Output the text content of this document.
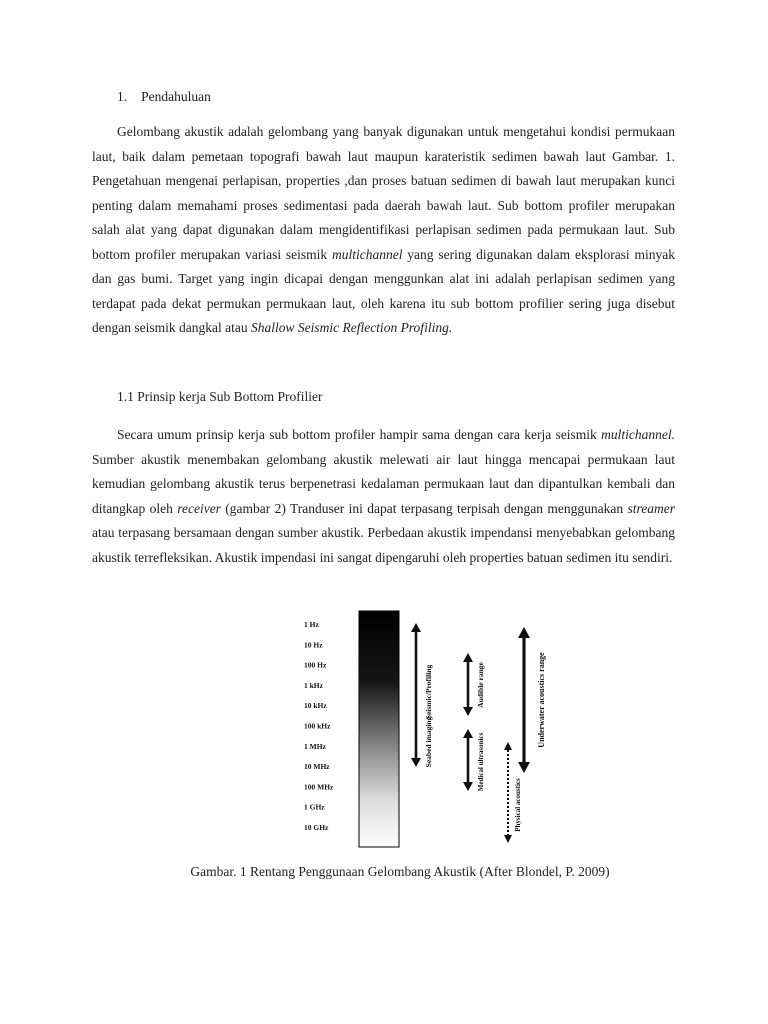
1. Pendahuluan

Gelombang akustik adalah gelombang yang banyak digunakan untuk mengetahui kondisi permukaan laut, baik dalam pemetaan topografi bawah laut maupun karateristik sedimen bawah laut Gambar. 1. Pengetahuan mengenai perlapisan, properties ,dan proses batuan sedimen di bawah laut merupakan kunci penting dalam memahami proses sedimentasi pada daerah bawah laut. Sub bottom profiler merupakan salah alat yang dapat digunakan dalam mengidentifikasi perlapisan sedimen pada permukaan laut. Sub bottom profiler merupakan variasi seismik multichannel yang sering digunakan dalam eksplorasi minyak dan gas bumi. Target yang ingin dicapai dengan menggunkan alat ini adalah perlapisan sedimen yang terdapat pada dekat permukan permukaan laut, oleh karena itu sub bottom profilier sering juga disebut dengan seismik dangkal atau Shallow Seismic Reflection Profiling.

1.1 Prinsip kerja Sub Bottom Profilier

Secara umum prinsip kerja sub bottom profiler hampir sama dengan cara kerja seismik multichannel. Sumber akustik menembakan gelombang akustik melewati air laut hingga mencapai permukaan laut kemudian gelombang akustik terus berpenetrasi kedalaman permukaan laut dan dipantulkan kembali dan ditangkap oleh receiver (gambar 2) Tranduser ini dapat terpasang terpisah dengan menggunakan streamer atau terpasang bersamaan dengan sumber akustik. Perbedaan akustik impendansi menyebabkan gelombang akustik terrefleksikan. Akustik impendasi ini sangat dipengaruhi oleh properties batuan sedimen itu sendiri.

1 Hz
10 Hz
100 Hz
1 kHz
10 kHz
100 kHz
1 MHz
10 MHz
100 MHz
1 GHz
10 GHz
Seismic/Profiling
Seabed imaging
Audible range
Medical ultrasonics
Physical acoustics
Underwater acoustics range
Gambar. 1 Rentang Penggunaan Gelombang Akustik (After Blondel, P. 2009)
